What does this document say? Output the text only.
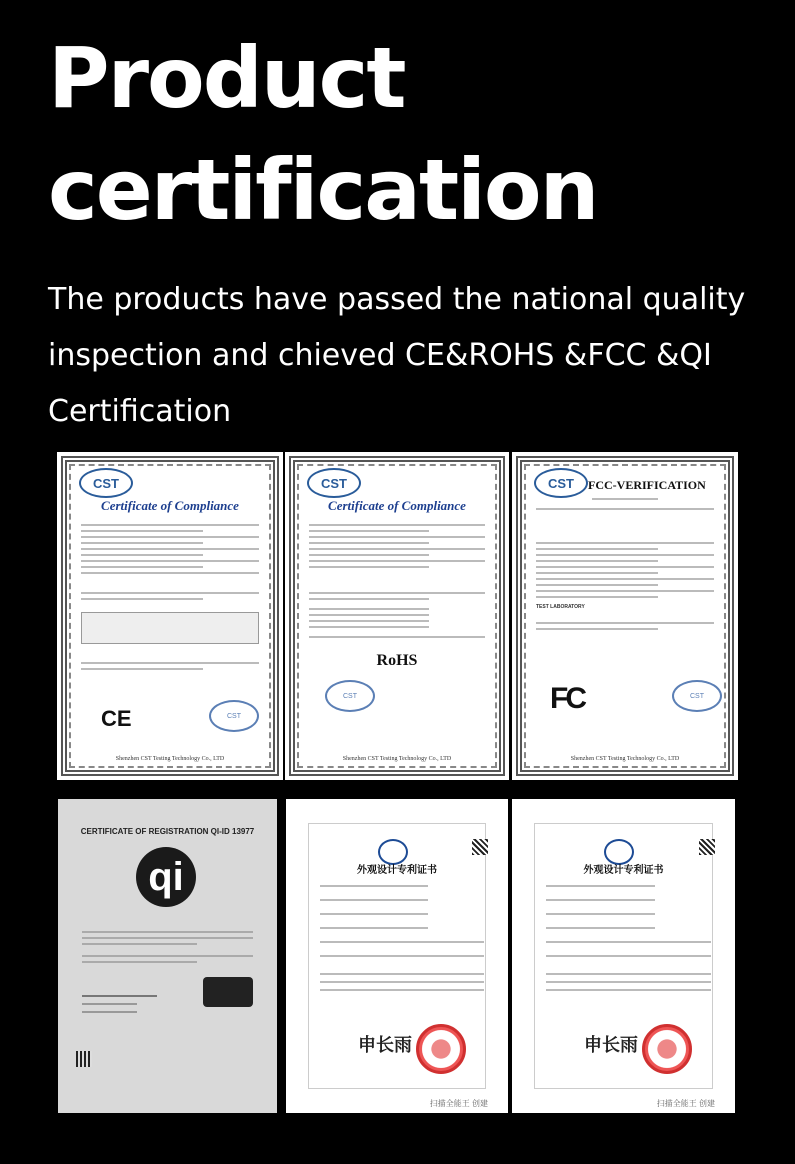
Product
certification
The products have passed the national quality
inspection and chieved CE&ROHS &FCC &QI
Certification
CST
Certificate of Compliance
CE	CST
Shenzhen CST Testing Technology Co., LTD
CST
Certificate of Compliance
RoHS
CST
Shenzhen CST Testing Technology Co., LTD
CST	FCC-VERIFICATION
TEST LABORATORY
FC	CST
Shenzhen CST Testing Technology Co., LTD
CERTIFICATE OF REGISTRATION QI-ID 13977
qi	外观设计专利证书
申长雨
扫描全能王 创建
外观设计专利证书
申长雨
扫描全能王 创建
